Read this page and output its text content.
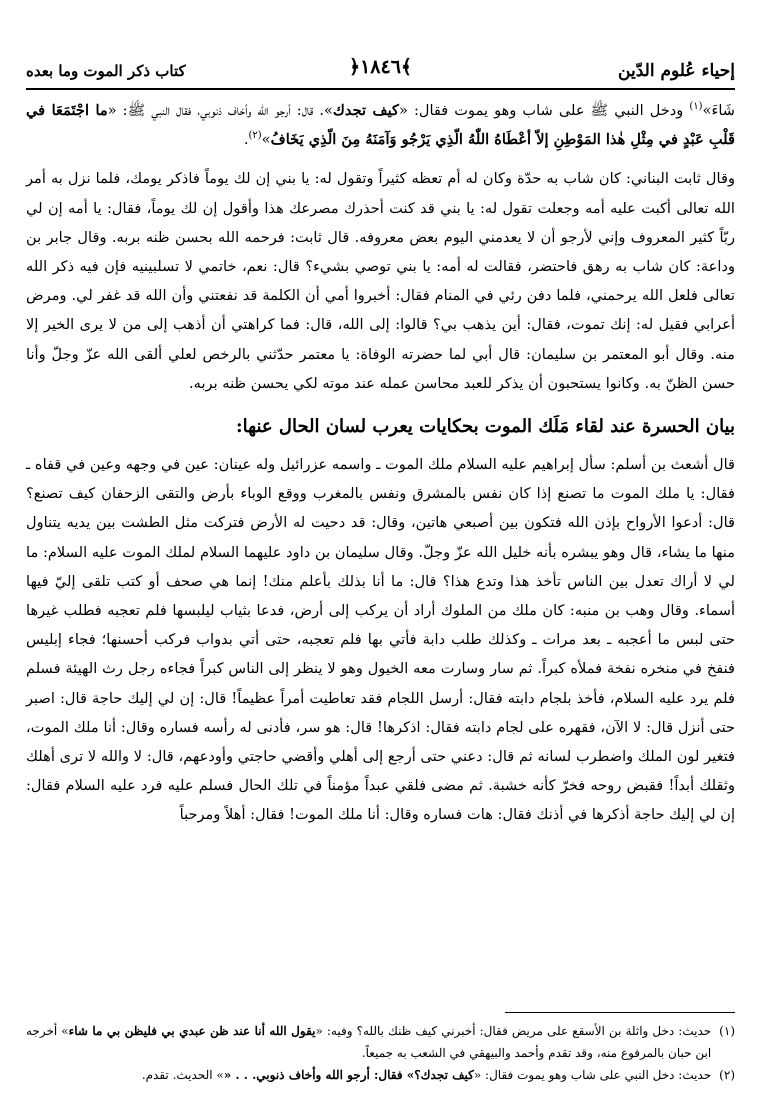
إحياء عُلوم الدّين
﴿١٨٤٦﴾
كتاب ذكر الموت وما بعده

شَاءَ»$^{(١)}$ ودخل النبي ﷺ على شاب وهو يموت فقال: «كيف تجدك». قال: أرجو الله وأخاف ذنوبي، فقال النبي ﷺ: «ما اجْتَمَعَا في قَلْبِ عَبْدٍ في مِثْلِ هٰذا المَوْطِنِ إلاّ أعْطَاهُ اللّٰهُ الّذِي يَرْجُو وَآمَنَهُ مِنَ الّذِي يَخَافُ»$^{(٢)}$.

وقال ثابت البناني: كان شاب به حدّة وكان له أم تعظه كثيراً وتقول له: يا بني إن لك يوماً فاذكر يومك، فلما نزل به أمر الله تعالى أكبت عليه أمه وجعلت تقول له: يا بني قد كنت أحذرك مصرعك هذا وأقول إن لك يوماً، فقال: يا أمه إن لي ربّاً كثير المعروف وإني لأرجو أن لا يعدمني اليوم بعض معروفه. قال ثابت: فرحمه الله بحسن ظنه بربه. وقال جابر بن وداعة: كان شاب به رهق فاحتضر، فقالت له أمه: يا بني توصي بشيء؟ قال: نعم، خاتمي لا تسلبينيه فإن فيه ذكر الله تعالى فلعل الله يرحمني، فلما دفن رئي في المنام فقال: أخبروا أمي أن الكلمة قد نفعتني وأن الله قد غفر لي. ومرض أعرابي فقيل له: إنك تموت، فقال: أين يذهب بي؟ قالوا: إلى الله، قال: فما كراهتي أن أذهب إلى من لا يرى الخير إلا منه. وقال أبو المعتمر بن سليمان: قال أبي لما حضرته الوفاة: يا معتمر حدّثني بالرخص لعلي ألقى الله عزّ وجلّ وأنا حسن الظنّ به. وكانوا يستحبون أن يذكر للعبد محاسن عمله عند موته لكي يحسن ظنه بربه.

بيان الحسرة عند لقاء مَلَك الموت بحكايات يعرب لسان الحال عنها:

قال أشعث بن أسلم: سأل إبراهيم عليه السلام ملك الموت ـ واسمه عزرائيل وله عينان: عين في وجهه وعين في قفاه ـ فقال: يا ملك الموت ما تصنع إذا كان نفس بالمشرق ونفس بالمغرب ووقع الوباء بأرض والتقى الزحفان كيف تصنع؟ قال: أدعوا الأرواح بإذن الله فتكون بين أصبعي هاتين، وقال: قد دحيت له الأرض فتركت مثل الطشت بين يديه يتناول منها ما يشاء، قال وهو يبشره بأنه خليل الله عزّ وجلّ. وقال سليمان بن داود عليهما السلام لملك الموت عليه السلام: ما لي لا أراك تعدل بين الناس تأخذ هذا وتدع هذا؟ قال: ما أنا بذلك بأعلم منك! إنما هي صحف أو كتب تلقى إليّ فيها أسماء. وقال وهب بن منبه: كان ملك من الملوك أراد أن يركب إلى أرض، فدعا بثياب ليلبسها فلم تعجبه فطلب غيرها حتى لبس ما أعجبه ـ بعد مرات ـ وكذلك طلب دابة فأتي بها فلم تعجبه، حتى أتي بدواب فركب أحسنها؛ فجاء إبليس فنفخ في منخره نفخة فملأه كبراً. ثم سار وسارت معه الخيول وهو لا ينظر إلى الناس كبراً فجاءه رجل رث الهيئة فسلم فلم يرد عليه السلام، فأخذ بلجام دابته فقال: أرسل اللجام فقد تعاطيت أمراً عظيماً! قال: إن لي إليك حاجة قال: اصبر حتى أنزل قال: لا الآن، فقهره على لجام دابته فقال: اذكرها! قال: هو سر، فأدنى له رأسه فساره وقال: أنا ملك الموت، فتغير لون الملك واضطرب لسانه ثم قال: دعني حتى أرجع إلى أهلي وأقضي حاجتي وأودعهم، قال: لا والله لا ترى أهلك وثقلك أبداً! فقبض روحه فخرّ كأنه خشبة. ثم مضى فلقي عبداً مؤمناً في تلك الحال فسلم عليه فرد عليه السلام فقال: إن لي إليك حاجة أذكرها في أذنك فقال: هات فساره وقال: أنا ملك الموت! فقال: أهلاً ومرحباً

(١)
حديث: دخل واثلة بن الأسقع على مريض فقال: أخبرني كيف ظنك بالله؟ وفيه: «يقول الله أنا عند ظن عبدي بي فليظن بي ما شاء» أخرجه ابن حبان بالمرفوع منه، وقد تقدم وأحمد والبيهقي في الشعب به جميعاً.
(٢)
حديث: دخل النبي على شاب وهو يموت فقال: «كيف تجدك؟» فقال: أرجو الله وأخاف ذنوبي. . . «» الحديث. تقدم.
